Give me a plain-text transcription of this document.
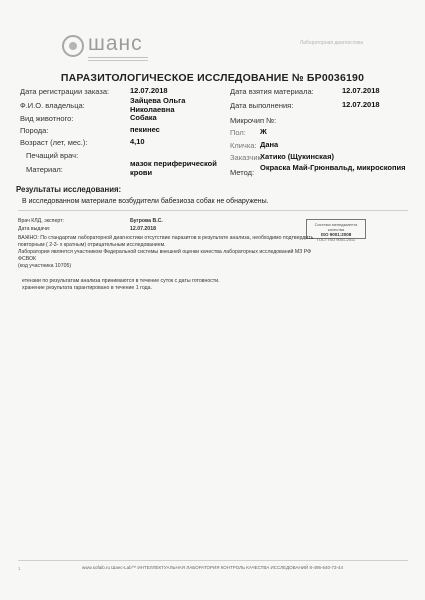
шанс	Лабораторная диагностика
ПАРАЗИТОЛОГИЧЕСКОЕ ИССЛЕДОВАНИЕ № БР0036190
Дата регистрации заказа:	12.07.2018
Ф.И.О. владельца:
Зайцева Ольга Николаевна
Вид животного:	Собака
Порода:	пекинес
Возраст (лет, мес.):	4,10
Печащий врач:
Материал:
мазок периферической крови
Дата взятия материала:	12.07.2018
Дата выполнения:	12.07.2018
Микрочип №:
Пол: Ж
Кличка: Дана
Заказчик:
Хатико (Щукинская)
Метод:
Окраска Май-Грюнвальд, микроскопия
Результаты исследования:
В исследованном материале возбудители бабезиоза собак не обнаружены.
Врач КЛД, эксперт:	Бугрова В.С.
Дата выдачи:	12.07.2018
Система менеджмента качества
ISO 9001:2008
ГОСТ ISO 9001-2011
ВАЖНО: По стандартам лабораторной диагностики отсутствие паразитов в результате анализа, необходимо подтвердить
повторным ( 2-3- х кратным) отрицательным исследованием.
Лаборатория является участником Федеральной системы внешней оценки качества лабораторных исследований МЗ РФ
ФСВОК
(код участника 10705)
етензии по результатам анализа принимаются в течение суток с даты готовности.
хранение результата гарантировано в течение 1 года.
1	www.sofaib.ru Шанс-Lab™ ИНТЕЛЛЕКТУАЛЬНАЯ ЛАБОРАТОРИЯ КОНТРОЛЬ КАЧЕСТВА ИССЛЕДОВАНИЙ 8-495-640-73-44
